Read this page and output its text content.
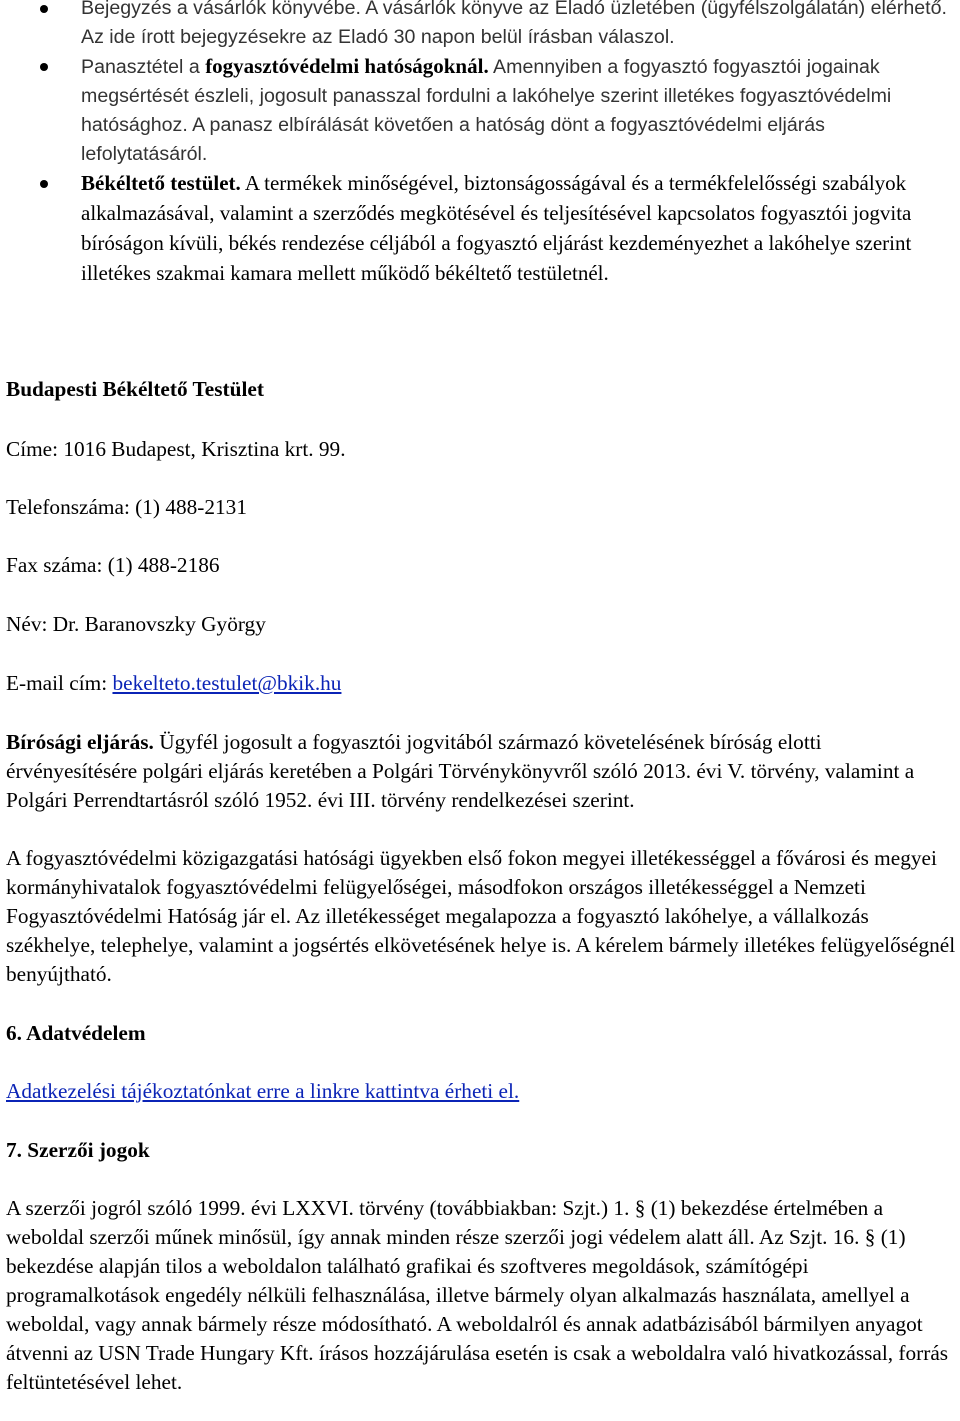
Bejegyzés a vásárlók könyvébe. A vásárlók könyve az Eladó üzletében (ügyfélszolgálatán) elérhető. Az ide írott bejegyzésekre az Eladó 30 napon belül írásban válaszol.
Panasztétel a fogyasztóvédelmi hatóságoknál. Amennyiben a fogyasztó fogyasztói jogainak megsértését észleli, jogosult panasszal fordulni a lakóhelye szerint illetékes fogyasztóvédelmi hatósághoz. A panasz elbírálását követően a hatóság dönt a fogyasztóvédelmi eljárás lefolytatásáról.
Békéltető testület. A termékek minőségével, biztonságosságával és a termékfelelősségi szabályok alkalmazásával, valamint a szerződés megkötésével és teljesítésével kapcsolatos fogyasztói jogvita bíróságon kívüli, békés rendezése céljából a fogyasztó eljárást kezdeményezhet a lakóhelye szerint illetékes szakmai kamara mellett működő békéltető testületnél.
Budapesti Békéltető Testület
Címe: 1016 Budapest, Krisztina krt. 99.
Telefonszáma: (1) 488-2131
Fax száma: (1) 488-2186
Név: Dr. Baranovszky György
E-mail cím: bekelteto.testulet@bkik.hu
Bírósági eljárás. Ügyfél jogosult a fogyasztói jogvitából származó követelésének bíróság elotti érvényesítésére polgári eljárás keretében a Polgári Törvénykönyvről szóló 2013. évi V. törvény, valamint a Polgári Perrendtartásról szóló 1952. évi III. törvény rendelkezései szerint.
A fogyasztóvédelmi közigazgatási hatósági ügyekben első fokon megyei illetékességgel a fővárosi és megyei kormányhivatalok fogyasztóvédelmi felügyelőségei, másodfokon országos illetékességgel a Nemzeti Fogyasztóvédelmi Hatóság jár el. Az illetékességet megalapozza a fogyasztó lakóhelye, a vállalkozás székhelye, telephelye, valamint a jogsértés elkövetésének helye is. A kérelem bármely illetékes felügyelőségnél benyújtható.
6. Adatvédelem
Adatkezelési tájékoztatónkat erre a linkre kattintva érheti el.
7. Szerzői jogok
A szerzői jogról szóló 1999. évi LXXVI. törvény (továbbiakban: Szjt.) 1. § (1) bekezdése értelmében a weboldal szerzői műnek minősül, így annak minden része szerzői jogi védelem alatt áll. Az Szjt. 16. § (1) bekezdése alapján tilos a weboldalon található grafikai és szoftveres megoldások, számítógépi programalkotások engedély nélküli felhasználása, illetve bármely olyan alkalmazás használata, amellyel a weboldal, vagy annak bármely része módosítható. A weboldalról és annak adatbázisából bármilyen anyagot átvenni az USN Trade Hungary Kft. írásos hozzájárulása esetén is csak a weboldalra való hivatkozással, forrás feltüntetésével lehet.
